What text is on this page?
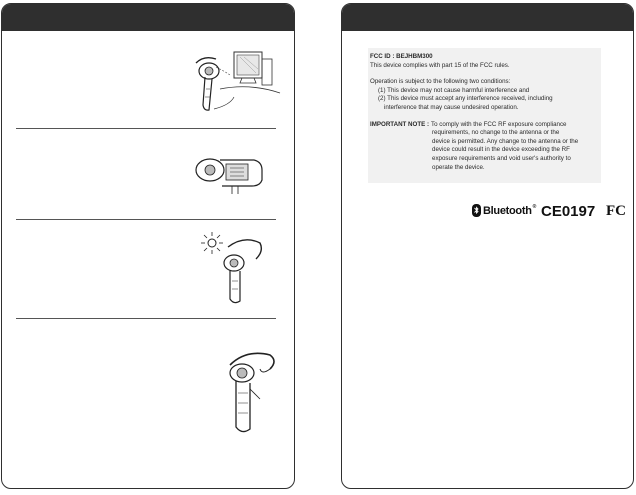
FCC ID : BEJHBM300
This device complies with part 15 of the FCC rules.
Operation is subject to the following two conditions:
(1) This device may not cause harmful interference and
(2) This device must accept any interference received, including
interference that may cause undesired operation.
IMPORTANT NOTE : To comply with the FCC RF exposure compliance
requirements, no change to the antenna or the
device is permitted. Any change to the antenna or the
device could result in the device exceeding the RF
exposure requirements and void user's authority to
operate the device.
Bluetooth ® CE0197 FC
